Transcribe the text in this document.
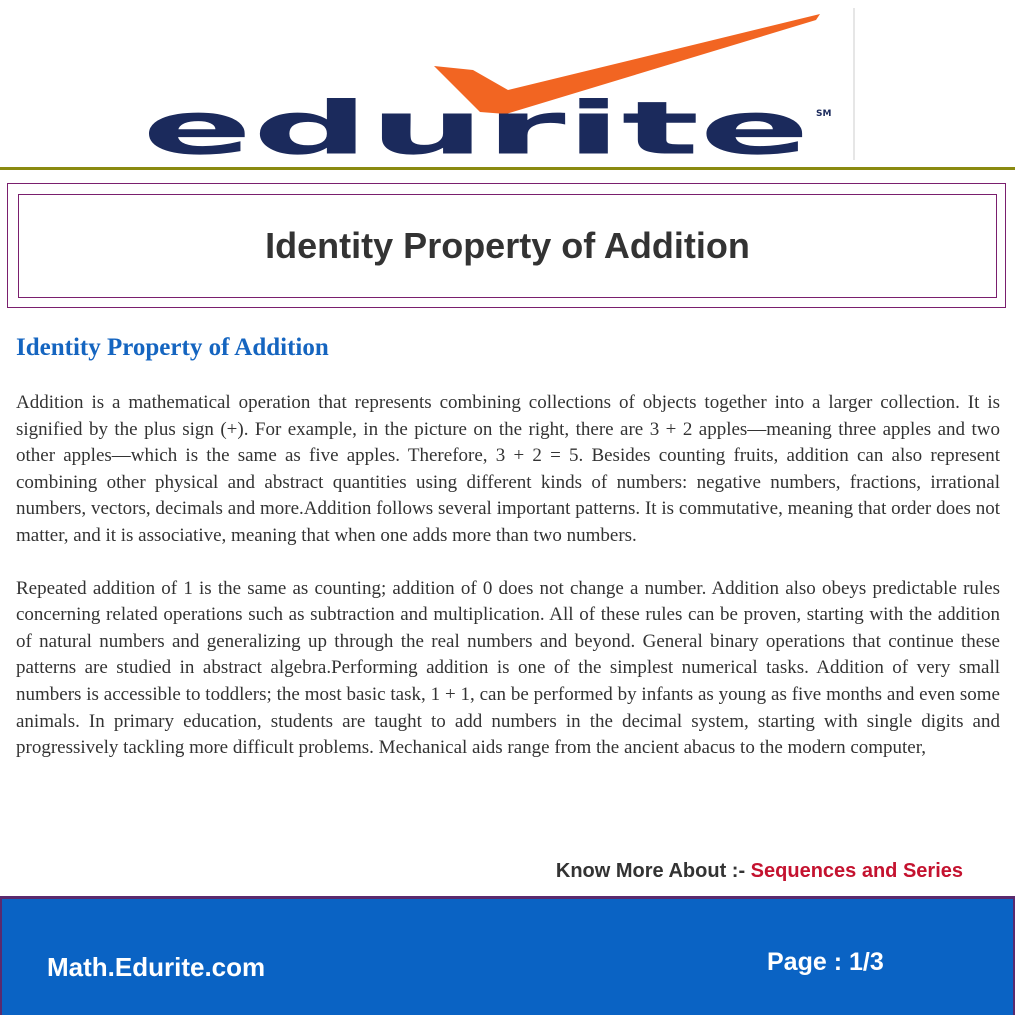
edurite SM
Identity Property of Addition
Identity Property of Addition

Addition is a mathematical operation that represents combining collections of objects together into a larger collection. It is signified by the plus sign (+). For example, in the picture on the right, there are 3 + 2 apples—meaning three apples and two other apples—which is the same as five apples. Therefore, 3 + 2 = 5. Besides counting fruits, addition can also represent combining other physical and abstract quantities using different kinds of numbers: negative numbers, fractions, irrational numbers, vectors, decimals and more.Addition follows several important patterns. It is commutative, meaning that order does not matter, and it is associative, meaning that when one adds more than two numbers.

Repeated addition of 1 is the same as counting; addition of 0 does not change a number. Addition also obeys predictable rules concerning related operations such as subtraction and multiplication. All of these rules can be proven, starting with the addition of natural numbers and generalizing up through the real numbers and beyond. General binary operations that continue these patterns are studied in abstract algebra.Performing addition is one of the simplest numerical tasks. Addition of very small numbers is accessible to toddlers; the most basic task, 1 + 1, can be performed by infants as young as five months and even some animals. In primary education, students are taught to add numbers in the decimal system, starting with single digits and progressively tackling more difficult problems. Mechanical aids range from the ancient abacus to the modern computer,

Know More About :- Sequences and Series
Math.Edurite.com	Page : 1/3
